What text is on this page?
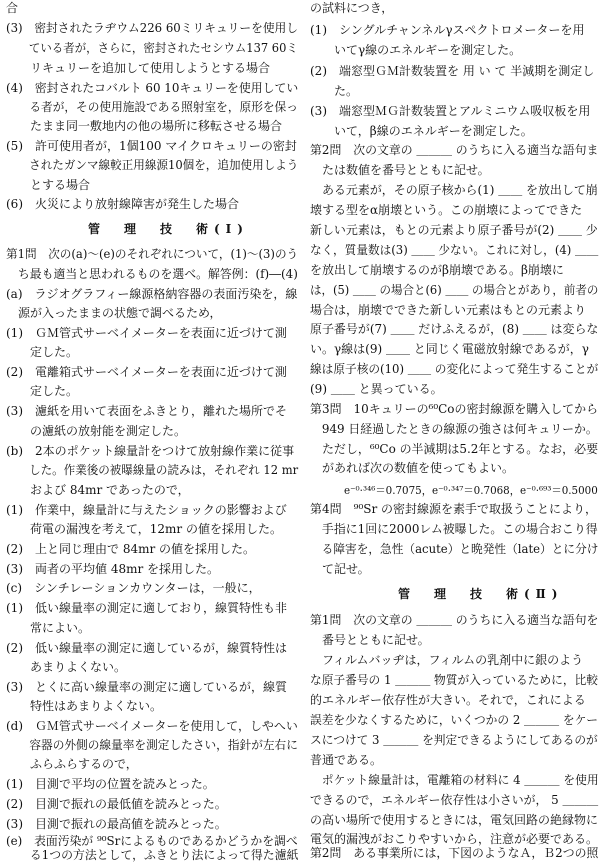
合
(3)　密封されたラヂウム226 60ミリキュリーを使用し
　　ている者が，さらに，密封されたセシウム137 60ミ
　　リキュリーを追加して使用しようとする場合
(4)　密封されたコバルト 60 10キュリーを使用してい
　　る者が，その使用施設である照射室を，原形を保っ
　　たまま同一敷地内の他の場所に移転させる場合
(5)　許可使用者が，1個100 マイクロキュリーの密封
　　されたガンマ線較正用線源10個を，追加使用しよう
　　とする場合
(6)　火災により放射線障害が発生した場合
管　理　技　術(Ⅰ)
第1問　次の(a)～(e)のそれぞれについて，(1)～(3)のう
　ち最も適当と思われるものを選べ。解答例：(f)―(4)
(a)　ラジオグラフィー線源格納容器の表面汚染を，線
　源が入ったままの状態で調べるため，
(1)　ＧＭ管式サーベイメーターを表面に近づけて測
　　定した。
(2)　電離箱式サーベイメーターを表面に近づけて測
　　定した。
(3)　濾紙を用いて表面をふきとり，離れた場所でそ
　　の濾紙の放射能を測定した。
(b)　2本のポケット線量計をつけて放射線作業に従事
　　した。作業後の被曝線量の読みは，それぞれ 12 mr
　　および 84mr であったので，
(1)　作業中，線量計に与えたショックの影響および
　　荷電の漏洩を考えて，12mr の値を採用した。
(2)　上と同じ理由で 84mr の値を採用した。
(3)　両者の平均値 48mr を採用した。
(c)　シンチレーションカウンターは，一般に，
(1)　低い線量率の測定に適しており，線質特性も非
　　常によい。
(2)　低い線量率の測定に適しているが，線質特性は
　　あまりよくない。
(3)　とくに高い線量率の測定に適しているが，線質
　　特性はあまりよくない。
(d)　ＧＭ管式サーベイメーターを使用して，しやへい
　　容器の外側の線量率を測定したさい，指針が左右に
　　ふらふらするので，
(1)　目測で平均の位置を読みとった。
(2)　目測で振れの最低値を読みとった。
(3)　目測で振れの最高値を読みとった。
(e)　表面汚染が ⁹⁰Srによるものであるかどうかを調べ
　　る1つの方法として，ふきとり法によって得た濾紙
の試料につき，
(1)　シングルチャンネルγスペクトロメーターを用
　　いてγ線のエネルギーを測定した。
(2)　端窓型ＧＭ計数装置を 用 い て 半減期を測定し
　　た。
(3)　端窓型ＭＧ計数装置とアルミニウム吸収板を用
　　いて，β線のエネルギーを測定した。
第2問　次の文章の ＿＿＿ のうちに入る適当な語句ま
　たは数値を番号とともに記せ。
　ある元素が，その原子核から(1) ＿＿ を放出して崩
壊する型をα崩壊という。この崩壊によってできた
新しい元素は，もとの元素より原子番号が(2) ＿＿ 少
なく，質量数は(3) ＿＿ 少ない。これに対し，(4) ＿＿
を放出して崩壊するのがβ崩壊である。β崩壊に
は，(5) ＿＿ の場合と(6) ＿＿ の場合とがあり，前者の
場合は，崩壊でできた新しい元素はもとの元素より
原子番号が(7) ＿＿ だけふえるが，(8) ＿＿ は変らな
い。γ線は(9) ＿＿ と同じく電磁放射線であるが，γ
線は原子核の(10) ＿＿ の変化によって発生することが
(9) ＿＿ と異っている。
第3問　10キュリーの⁶⁰Coの密封線源を購入してから
　949 日経過したときの線源の強さは何キュリーか。
　ただし，⁶⁰Co の半減期は5.2年とする。なお，必要
　があれば次の数値を使ってもよい。
e⁻⁰·³⁴⁶＝0.7075，e⁻⁰·³⁴⁷＝0.7068，e⁻⁰·⁶⁹³＝0.5000
第4問　⁹⁰Sr の密封線源を素手で取扱うことにより，
　手指に1回に2000レム被曝した。この場合おこり得
　る障害を，急性（acute）と晩発性（late）とに分け
　て記せ。
管　理　技　術(Ⅱ)
第1問　次の文章の ＿＿＿ のうちに入る適当な語句を
　番号とともに記せ。
　フィルムバッヂは，フィルムの乳剤中に銀のよう
な原子番号の 1 ＿＿＿ 物質が入っているために，比較
的エネルギー依存性が大きい。それで，これによる
誤差を少なくするために，いくつかの 2 ＿＿＿ をケー
スにつけて 3 ＿＿＿ を判定できるようにしてあるのが
普通である。
　ポケット線量計は，電離箱の材料に 4 ＿＿＿ を使用
できるので，エネルギー依存性は小さいが， 5 ＿＿＿
の高い場所で使用するときには，電気回路の絶縁物に
電気的漏洩がおこりやすいから，注意が必要である。
第2問　ある事業所には，下図のようなＡ，Ｂ2つの照
